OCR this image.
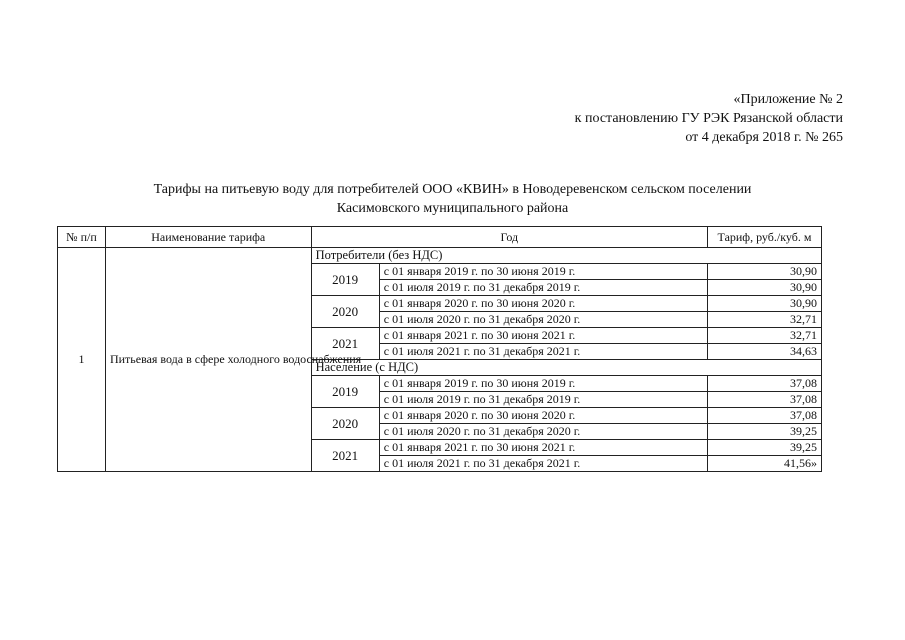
«Приложение № 2
к постановлению ГУ РЭК Рязанской области
от 4 декабря 2018 г. № 265
Тарифы на питьевую воду для потребителей ООО «КВИН» в Новодеревенском сельском поселении
Касимовского муниципального района
№ п/п	Наименование тарифа	Год		Тариф, руб./куб. м
1	Питьевая вода в сфере холодного водоснабжения	Потребители (без НДС)		
		2019	с 01 января 2019 г. по 30 июня 2019 г.	30,90
			с 01 июля 2019 г. по 31 декабря 2019 г.	30,90
		2020	с 01 января 2020 г. по 30 июня 2020 г.	30,90
			с 01 июля 2020 г. по 31 декабря 2020 г.	32,71
		2021	с 01 января 2021 г. по 30 июня 2021 г.	32,71
			с 01 июля 2021 г. по 31 декабря 2021 г.	34,63
		Население (с НДС)		
		2019	с 01 января 2019 г. по 30 июня 2019 г.	37,08
			с 01 июля 2019 г. по 31 декабря 2019 г.	37,08
		2020	с 01 января 2020 г. по 30 июня 2020 г.	37,08
			с 01 июля 2020 г. по 31 декабря 2020 г.	39,25
		2021	с 01 января 2021 г. по 30 июня 2021 г.	39,25
			с 01 июля 2021 г. по 31 декабря 2021 г.	41,56»
